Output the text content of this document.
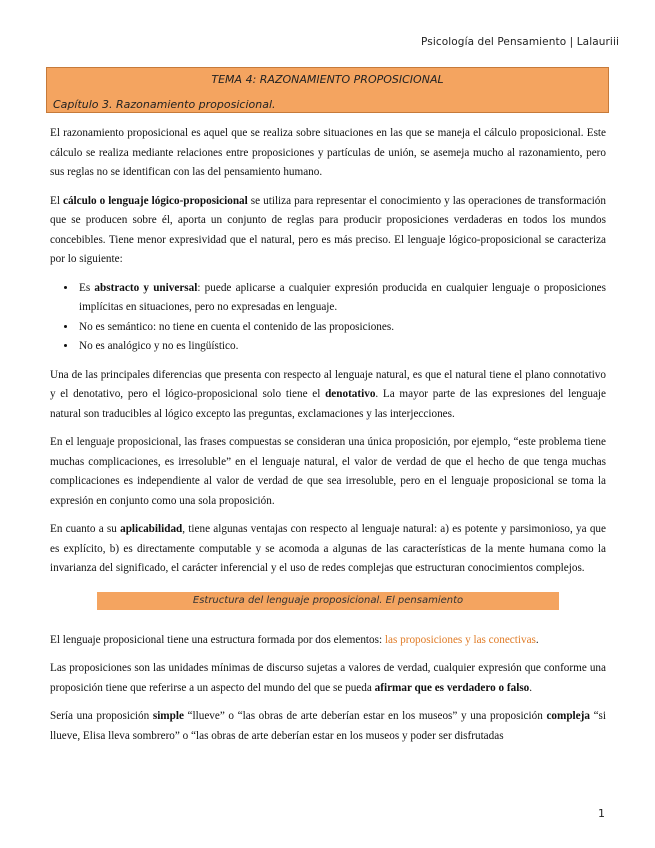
Psicología del Pensamiento | Lalauriii
TEMA 4: RAZONAMIENTO PROPOSICIONAL
Capítulo 3. Razonamiento proposicional.

El razonamiento proposicional es aquel que se realiza sobre situaciones en las que se maneja el cálculo proposicional. Este cálculo se realiza mediante relaciones entre proposiciones y partículas de unión, se asemeja mucho al razonamiento, pero sus reglas no se identifican con las del pensamiento humano.

El cálculo o lenguaje lógico-proposicional se utiliza para representar el conocimiento y las operaciones de transformación que se producen sobre él, aporta un conjunto de reglas para producir proposiciones verdaderas en todos los mundos concebibles. Tiene menor expresividad que el natural, pero es más preciso. El lenguaje lógico-proposicional se caracteriza por lo siguiente:

• Es abstracto y universal: puede aplicarse a cualquier expresión producida en cualquier lenguaje o proposiciones implícitas en situaciones, pero no expresadas en lenguaje.
• No es semántico: no tiene en cuenta el contenido de las proposiciones.
• No es analógico y no es lingüístico.

Una de las principales diferencias que presenta con respecto al lenguaje natural, es que el natural tiene el plano connotativo y el denotativo, pero el lógico-proposicional solo tiene el denotativo. La mayor parte de las expresiones del lenguaje natural son traducibles al lógico excepto las preguntas, exclamaciones y las interjecciones.

En el lenguaje proposicional, las frases compuestas se consideran una única proposición, por ejemplo, “este problema tiene muchas complicaciones, es irresoluble” en el lenguaje natural, el valor de verdad de que el hecho de que tenga muchas complicaciones es independiente al valor de verdad de que sea irresoluble, pero en el lenguaje proposicional se toma la expresión en conjunto como una sola proposición.

En cuanto a su aplicabilidad, tiene algunas ventajas con respecto al lenguaje natural: a) es potente y parsimonioso, ya que es explícito, b) es directamente computable y se acomoda a algunas de las características de la mente humana como la invarianza del significado, el carácter inferencial y el uso de redes complejas que estructuran conocimientos complejos.

Estructura del lenguaje proposicional. El pensamiento

El lenguaje proposicional tiene una estructura formada por dos elementos: las proposiciones y las conectivas.

Las proposiciones son las unidades mínimas de discurso sujetas a valores de verdad, cualquier expresión que conforme una proposición tiene que referirse a un aspecto del mundo del que se pueda afirmar que es verdadero o falso.

Sería una proposición simple “llueve” o “las obras de arte deberían estar en los museos” y una proposición compleja “si llueve, Elisa lleva sombrero” o “las obras de arte deberían estar en los museos y poder ser disfrutadas

1
